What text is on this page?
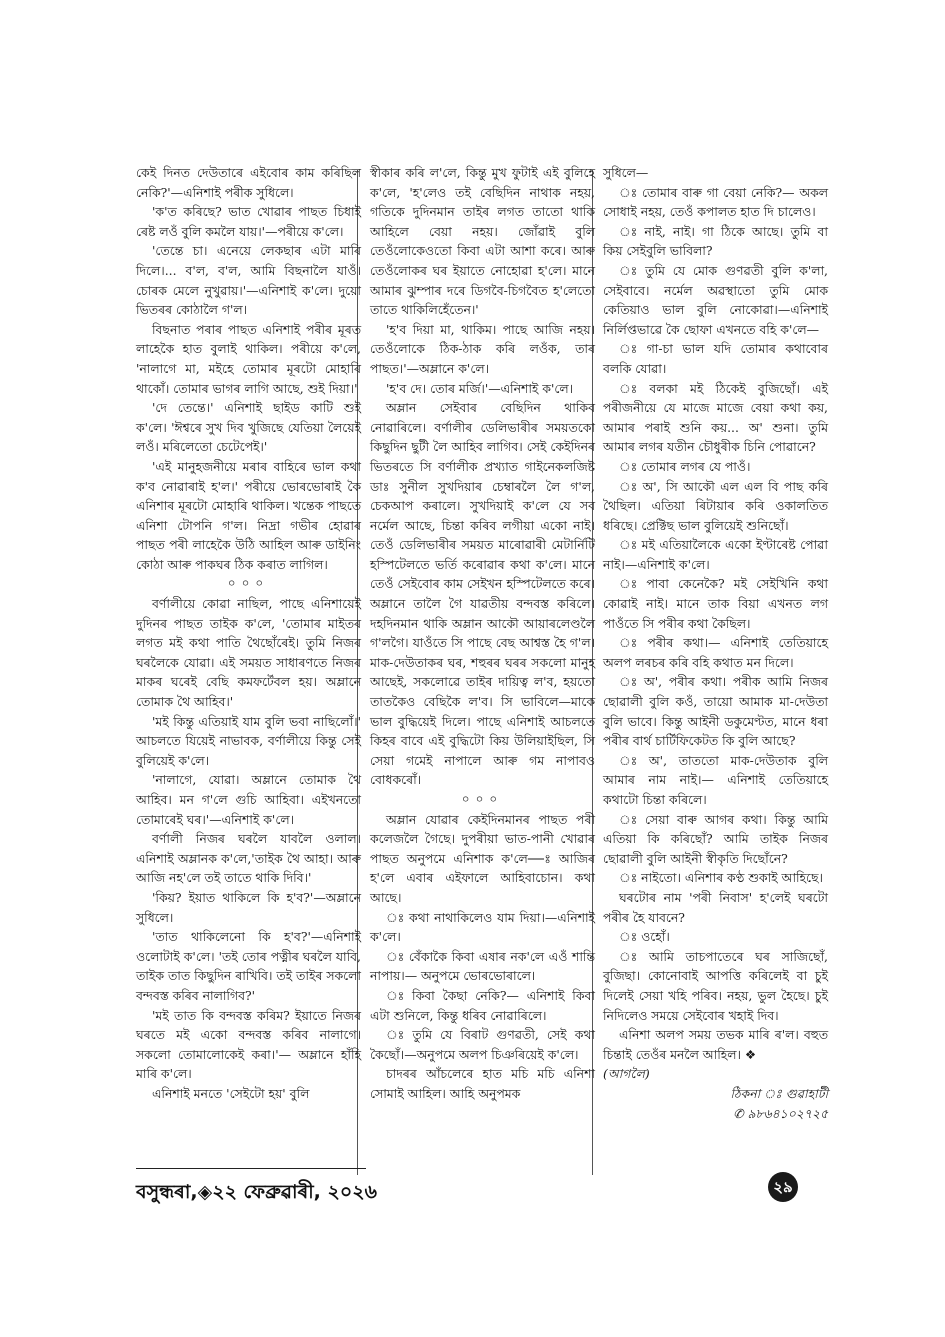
কেই দিনত দেউতাৰে এইবোৰ কাম কৰিছিল নেকি?'—এনিশাই পৰীক সুধিলে।

'ক'ত কৰিছে? ভাত খোৱাৰ পাছত চিধাই ৰেষ্ট লওঁ বুলি কমলৈ যায়।'—পৰীয়ে ক'লে।

'তেন্তে চা। এনেয়ে লেকছাৰ এটা মাৰি দিলে।... ব'ল, ব'ল, আমি বিছনালৈ যাওঁ। চোৰক মেলে নুখুৱায়।'—এনিশাই ক'লে। দুয়ো ভিতৰৰ কোঠালৈ গ'ল।

বিছনাত পৰাৰ পাছত এনিশাই পৰীৰ মূৰত লাহেকৈ হাত বুলাই থাকিল। পৰীয়ে ক'লে, 'নালাগে মা, মইহে তোমাৰ মূৰটো মোহাৰি থাকোঁ। তোমাৰ ভাগৰ লাগি আছে, শুই দিয়া।'

'দে তেন্তে।' এনিশাই ছাইড কাটি শুই ক'লে। 'ঈশ্বৰে সুখ দিব খুজিছে যেতিয়া লৈয়েই লওঁ। মৰিলেতো চেটেপেই।'

'এই মানুহজনীয়ে মৰাৰ বাহিৰে ভাল কথা ক'ব নোৱাৰাই হ'ল।' পৰীয়ে ভোৰভোৰাই কৈ এনিশাৰ মূৰটো মোহাৰি থাকিল। খন্তেক পাছতে এনিশা টোপনি গ'ল। নিদ্ৰা গভীৰ হোৱাৰ পাছত পৰী লাহেকৈ উঠি আহিল আৰু ডাইনিং কোঠা আৰু পাকঘৰ ঠিক কৰাত লাগিল।

০০০

বৰ্ণালীয়ে কোৱা নাছিল, পাছে এনিশায়েই দুদিনৰ পাছত তাইক ক'লে, 'তোমাৰ মাইতৰ লগত মই কথা পাতি থৈছোঁৰেই। তুমি নিজৰ ঘৰলৈকে যোৱা। এই সময়ত সাধাৰণতে নিজৰ মাকৰ ঘৰেই বেছি কমফৰ্টেবল হয়। অম্লানে তোমাক থৈ আহিব।'

'মই কিন্তু এতিয়াই যাম বুলি ভবা নাছিলোঁ।' আচলতে যিয়েই নাভাবক, বৰ্ণালীয়ে কিন্তু সেই বুলিয়েই ক'লে।

'নালাগে, যোৱা। অম্লানে তোমাক থৈ আহিব। মন গ'লে গুচি আহিবা। এইখনতো তোমাৰেই ঘৰ।'—এনিশাই ক'লে।

বৰ্ণালী নিজৰ ঘৰলৈ যাবলৈ ওলাল। এনিশাই অম্লানক ক'লে,'তাইক থৈ আহা। আৰু আজি নহ'লে তই তাতে থাকি দিবি।'

'কিয়? ইয়াত থাকিলে কি হ'ব?'—অম্লানে সুধিলে।

'তাত থাকিলেনো কি হ'ব?'—এনিশাই ওলোটাই ক'লে। 'তই তোৰ পত্নীৰ ঘৰলৈ যাবি, তাইক তাত কিছুদিন ৰাখিবি। তই তাইৰ সকলো বন্দবস্ত কৰিব নালাগিব?'

'মই তাত কি বন্দবস্ত কৰিম? ইয়াতে নিজৰ ঘৰতে মই একো বন্দবস্ত কৰিব নালাগে। সকলো তোমালোকেই কৰা।'— অম্লানে হাঁহি মাৰি ক'লে।

এনিশাই মনতে 'সেইটো হয়' বুলি

স্বীকাৰ কৰি ল'লে, কিন্তু মুখ ফুটাই এই বুলিহে ক'লে, 'হ'লেও তই বেছিদিন নাথাক নহয়, গতিকে দুদিনমান তাইৰ লগত তাতো থাকি আহিলে বেয়া নহয়। জোঁৱাই বুলি তেওঁলোকেওতো কিবা এটা আশা কৰে। আৰু তেওঁলোকৰ ঘৰ ইয়াতে নোহোৱা হ'লে। মানে আমাৰ ঝুম্পাৰ দৰে ডিগবৈ-চিগবৈত হ'লেতো তাতে থাকিলিহেঁতেন।'

'হ'ব দিয়া মা, থাকিম। পাছে আজি নহয়। তেওঁলোকে ঠিক-ঠাক কৰি লওঁক, তাৰ পাছত।'—অম্লানে ক'লে।

'হ'ব দে। তোৰ মৰ্জি।'—এনিশাই ক'লে।

অম্লান সেইবাৰ বেছিদিন থাকিব নোৱাৰিলে। বৰ্ণালীৰ ডেলিভাৰীৰ সময়তকো কিছুদিন ছুটী লৈ আহিব লাগিব। সেই কেইদিনৰ ভিতৰতে সি বৰ্ণালীক প্ৰখ্যাত গাইনেকলজিষ্ট ডাঃ সুনীল সুখদিয়াৰ চেম্বাৰলৈ লৈ গ'ল, চেকআপ কৰালে। সুখদিয়াই ক'লে যে সব নৰ্মেল আছে, চিন্তা কৰিব লগীয়া একো নাই। তেওঁ ডেলিভাৰীৰ সময়ত মাৰোৱাৰী মেটাৰ্নিটি হস্পিটেলতে ভৰ্তি কৰোৱাৰ কথা ক'লে। মানে তেওঁ সেইবোৰ কাম সেইখন হস্পিটেলতে কৰে। অম্লানে তালৈ গৈ যাৱতীয় বন্দবস্ত কৰিলে। দহদিনমান থাকি অম্লান আকৌ আয়াৰলেণ্ডলৈ গ'লগৈ। যাওঁতে সি পাছে বেছ আশ্বস্ত হৈ গ'ল। মাক-দেউতাকৰ ঘৰ, শহুৰৰ ঘৰৰ সকলো মানুহ আছেই, সকলোৱে তাইৰ দায়িত্ব ল'ব, হয়তো তাতকৈও বেছিকৈ ল'ব। সি ভাবিলে—মাকে ভাল বুদ্ধিয়েই দিলে। পাছে এনিশাই আচলতে কিহৰ বাবে এই বুদ্ধিটো কিয় উলিয়াইছিল, সি সেয়া গমেই নাপালে আৰু গম নাপাবও বোধকৰোঁ।

০০০

অম্লান যোৱাৰ কেইদিনমানৰ পাছত পৰী কলেজলৈ গৈছে। দুপৰীয়া ভাত-পানী খোৱাৰ পাছত অনুপমে এনিশাক ক'লে—ঃ আজিৰ হ'লে এবাৰ এইফালে আহিবাচোন। কথা আছে।

ঃ কথা নাথাকিলেও যাম দিয়া।—এনিশাই ক'লে।

ঃ বেঁকাকৈ কিবা এষাৰ নক'লে এওঁ শান্তি নাপায়।— অনুপমে ভোৰভোৰালে।

ঃ কিবা কৈছা নেকি?— এনিশাই কিবা এটা শুনিলে, কিন্তু ধৰিব নোৱাৰিলে।

ঃ তুমি যে বিৰাট গুণৱতী, সেই কথা কৈছোঁ।—অনুপমে অলপ চিঞৰিয়েই ক'লে।

চাদৰৰ আঁচলেৰে হাত মচি মচি এনিশা সোমাই আহিল। আহি অনুপমক

সুধিলে—

ঃ তোমাৰ বাৰু গা বেয়া নেকি?— অকল সোধাই নহয়, তেওঁ কপালত হাত দি চালেও।

ঃ নাই, নাই। গা ঠিকে আছে। তুমি বা কিয় সেইবুলি ভাবিলা?

ঃ তুমি যে মোক গুণৱতী বুলি ক'লা, সেইবাবে। নৰ্মেল অৱস্থাতো তুমি মোক কেতিয়াও ভাল বুলি নোকোৱা।—এনিশাই নিৰ্লিপ্তভাৱে কৈ ছোফা এখনতে বহি ক'লে—

ঃ গা-চা ভাল যদি তোমাৰ কথাবোৰ বলকি যোৱা।

ঃ বলকা মই ঠিকেই বুজিছোঁ। এই পৰীজনীয়ে যে মাজে মাজে বেয়া কথা কয়, আমাৰ পৰাই শুনি কয়... অ' শুনা। তুমি আমাৰ লগৰ যতীন চৌধুৰীক চিনি পোৱানে?

ঃ তোমাৰ লগৰ যে পাওঁ।

ঃ অ', সি আকৌ এল এল বি পাছ কৰি থৈছিল। এতিয়া ৰিটায়াৰ কৰি ওকালতিত ধৰিছে। প্ৰেক্টিছ ভাল বুলিয়েই শুনিছোঁ।

ঃ মই এতিয়ালৈকে একো ইণ্টাৰেষ্ট পোৱা নাই।—এনিশাই ক'লে।

ঃ পাবা কেনেকৈ? মই সেইখিনি কথা কোৱাই নাই। মানে তাক বিয়া এখনত লগ পাওঁতে সি পৰীৰ কথা কৈছিল।

ঃ পৰীৰ কথা।— এনিশাই তেতিয়াহে অলপ লৰচৰ কৰি বহি কথাত মন দিলে।

ঃ অ', পৰীৰ কথা। পৰীক আমি নিজৰ ছোৱালী বুলি কওঁ, তায়ো আমাক মা-দেউতা বুলি ভাবে। কিন্তু আইনী ডকুমেণ্টত, মানে ধৰা পৰীৰ বাৰ্থ চাৰ্টিফিকেটত কি বুলি আছে?

ঃ অ', তাততো মাক-দেউতাক বুলি আমাৰ নাম নাই।— এনিশাই তেতিয়াহে কথাটো চিন্তা কৰিলে।

ঃ সেয়া বাৰু আগৰ কথা। কিন্তু আমি এতিয়া কি কৰিছোঁ? আমি তাইক নিজৰ ছোৱালী বুলি আইনী স্বীকৃতি দিছোঁনে?

ঃ নাইতো। এনিশাৰ কণ্ঠ শুকাই আহিছে।

ঘৰটোৰ নাম 'পৰী নিবাস' হ'লেই ঘৰটো পৰীৰ হৈ যাবনে?

ঃ ওহোঁ।

ঃ আমি তাচপাতেৰে ঘৰ সাজিছোঁ, বুজিছা। কোনোবাই আপত্তি কৰিলেই বা চুই দিলেই সেয়া খহি পৰিব। নহয়, ভুল হৈছে। চুই নিদিলেও সময়ে সেইবোৰ খহাই দিব।

এনিশা অলপ সময় তভক মাৰি ৰ'ল। বহুত চিন্তাই তেওঁৰ মনলৈ আহিল। ❖

(আগলৈ)

ঠিকনা ঃ গুৱাহাটী

✆ ৯৮৬৪১০২৭২৫

বসুন্ধৰা,◈২২ ফেব্ৰুৱাৰী, ২০২৬	২৯
